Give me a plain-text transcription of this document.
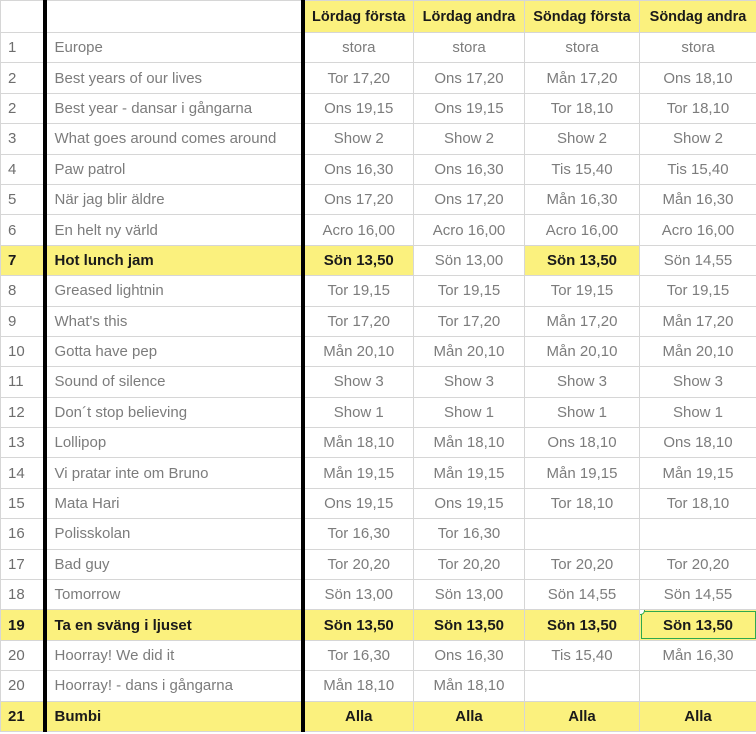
		Lördag första	Lördag andra	Söndag första	Söndag andra
1	Europe	stora	stora	stora	stora
2	Best years of our lives	Tor 17,20	Ons 17,20	Mån 17,20	Ons 18,10
2	Best year - dansar i gångarna	Ons 19,15	Ons 19,15	Tor 18,10	Tor 18,10
3	What goes around comes around	Show 2	Show 2	Show 2	Show 2
4	Paw patrol	Ons 16,30	Ons 16,30	Tis 15,40	Tis 15,40
5	När jag blir äldre	Ons 17,20	Ons 17,20	Mån 16,30	Mån 16,30
6	En helt ny värld	Acro 16,00	Acro 16,00	Acro 16,00	Acro 16,00
7	Hot lunch jam	Sön 13,50	Sön 13,00	Sön 13,50	Sön 14,55
8	Greased lightnin	Tor 19,15	Tor 19,15	Tor 19,15	Tor 19,15
9	What's this	Tor 17,20	Tor 17,20	Mån 17,20	Mån 17,20
10	Gotta have pep	Mån 20,10	Mån 20,10	Mån 20,10	Mån 20,10
11	Sound of silence	Show 3	Show 3	Show 3	Show 3
12	Don´t stop believing	Show 1	Show 1	Show 1	Show 1
13	Lollipop	Mån 18,10	Mån 18,10	Ons 18,10	Ons 18,10
14	Vi pratar inte om Bruno	Mån 19,15	Mån 19,15	Mån 19,15	Mån 19,15
15	Mata Hari	Ons 19,15	Ons 19,15	Tor 18,10	Tor 18,10
16	Polisskolan	Tor 16,30	Tor 16,30		
17	Bad guy	Tor 20,20	Tor 20,20	Tor 20,20	Tor 20,20
18	Tomorrow	Sön 13,00	Sön 13,00	Sön 14,55	Sön 14,55
19	Ta en sväng i ljuset	Sön 13,50	Sön 13,50	Sön 13,50	Sön 13,50

20	Hoorray! We did it	Tor 16,30	Ons 16,30	Tis 15,40	Mån 16,30
20	Hoorray! - dans i gångarna	Mån 18,10	Mån 18,10		
21	Bumbi	Alla	Alla	Alla	Alla
